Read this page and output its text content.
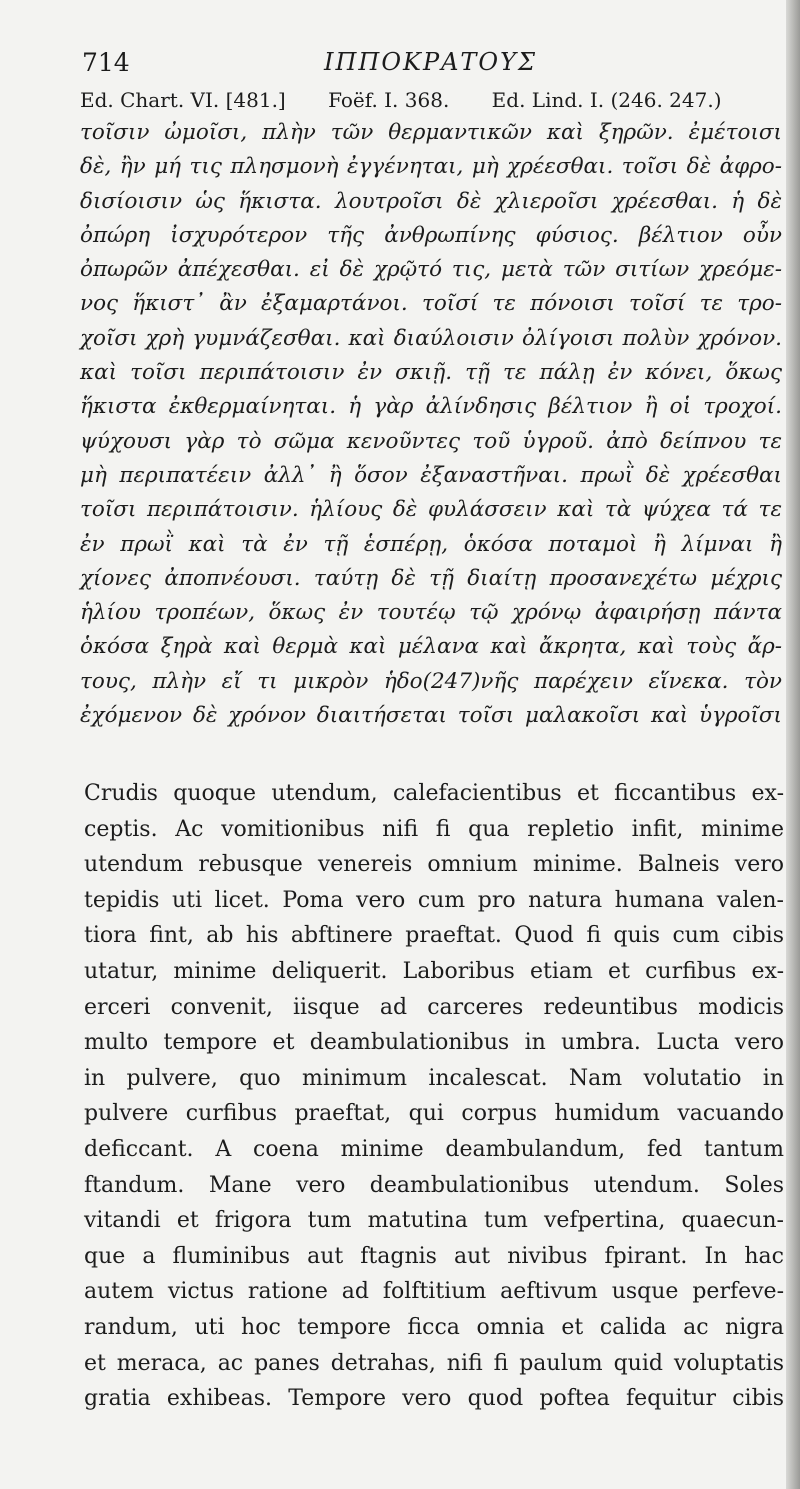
714	ΙΠΠΟΚΡΑΤΟΥΣ
Ed. Chart. VI. [481.] Foëf. I. 368. Ed. Lind. I. (246. 247.)
τοῖσιν ὠμοῖσι, πλὴν τῶν θερμαντικῶν καὶ ξηρῶν. ἐμέτοισι
δὲ, ἢν μή τις πλησμονὴ ἐγγένηται, μὴ χρέεσθαι. τοῖσι δὲ ἀφρο-
δισίοισιν ὡς ἥκιστα. λουτροῖσι δὲ χλιεροῖσι χρέεσθαι. ἡ δὲ
ὀπώρη ἰσχυρότερον τῆς ἀνθρωπίνης φύσιος. βέλτιον οὖν
ὀπωρῶν ἀπέχεσθαι. εἰ δὲ χρῷτό τις, μετὰ τῶν σιτίων χρεόμε-
νος ἥκιστ᾽ ἂν ἐξαμαρτάνοι. τοῖσί τε πόνοισι τοῖσί τε τρο-
χοῖσι χρὴ γυμνάζεσθαι. καὶ διαύλοισιν ὀλίγοισι πολὺν χρόνον.
καὶ τοῖσι περιπάτοισιν ἐν σκιῇ. τῇ τε πάλῃ ἐν κόνει, ὅκως
ἥκιστα ἐκθερμαίνηται. ἡ γὰρ ἀλίνδησις βέλτιον ἢ οἱ τροχοί.
ψύχουσι γὰρ τὸ σῶμα κενοῦντες τοῦ ὑγροῦ. ἀπὸ δείπνου τε
μὴ περιπατέειν ἀλλ᾽ ἢ ὅσον ἐξαναστῆναι. πρωῒ δὲ χρέεσθαι
τοῖσι περιπάτοισιν. ἡλίους δὲ φυλάσσειν καὶ τὰ ψύχεα τά τε
ἐν πρωῒ καὶ τὰ ἐν τῇ ἑσπέρῃ, ὁκόσα ποταμοὶ ἢ λίμναι ἢ
χίονες ἀποπνέουσι. ταύτῃ δὲ τῇ διαίτῃ προσανεχέτω μέχρις
ἡλίου τροπέων, ὅκως ἐν τουτέῳ τῷ χρόνῳ ἀφαιρήσῃ πάντα
ὁκόσα ξηρὰ καὶ θερμὰ καὶ μέλανα καὶ ἄκρητα, καὶ τοὺς ἄρ-
τους, πλὴν εἴ τι μικρὸν ἡδο(247)νῆς παρέχειν εἵνεκα. τὸν
ἐχόμενον δὲ χρόνον διαιτήσεται τοῖσι μαλακοῖσι καὶ ὑγροῖσι
Crudis quoque utendum, calefacientibus et ficcantibus ex-
ceptis. Ac vomitionibus nifi fi qua repletio infit, minime
utendum rebusque venereis omnium minime. Balneis vero
tepidis uti licet. Poma vero cum pro natura humana valen-
tiora fint, ab his abftinere praeftat. Quod fi quis cum cibis
utatur, minime deliquerit. Laboribus etiam et curfibus ex-
erceri convenit, iisque ad carceres redeuntibus modicis
multo tempore et deambulationibus in umbra. Lucta vero
in pulvere, quo minimum incalescat. Nam volutatio in
pulvere curfibus praeftat, qui corpus humidum vacuando
deficcant. A coena minime deambulandum, fed tantum
ftandum. Mane vero deambulationibus utendum. Soles
vitandi et frigora tum matutina tum vefpertina, quaecun-
que a fluminibus aut ftagnis aut nivibus fpirant. In hac
autem victus ratione ad folftitium aeftivum usque perfeve-
randum, uti hoc tempore ficca omnia et calida ac nigra
et meraca, ac panes detrahas, nifi fi paulum quid voluptatis
gratia exhibeas. Tempore vero quod poftea fequitur cibis
